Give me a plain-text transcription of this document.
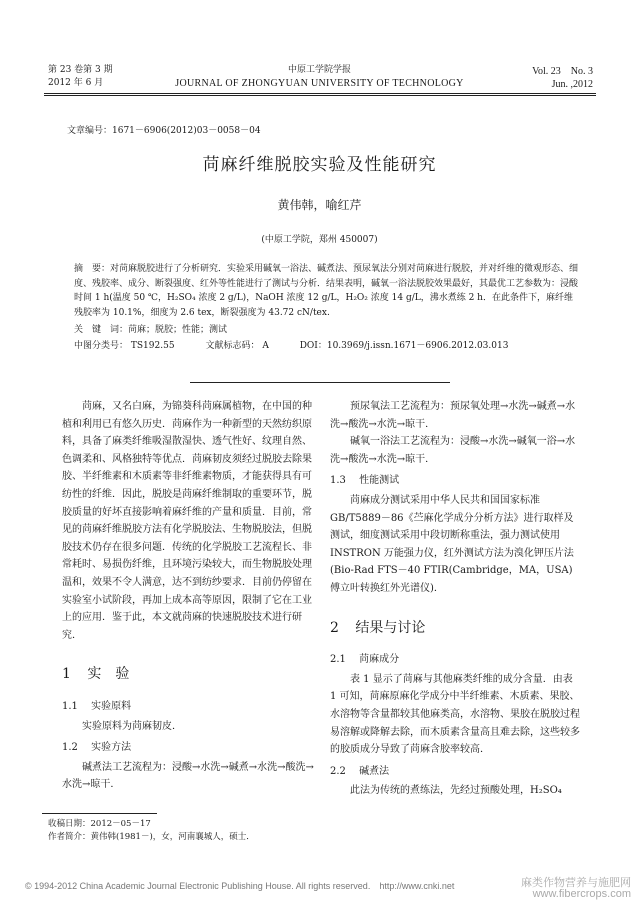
第 23 卷第 3 期
2012 年 6 月
中原工学院学报
JOURNAL OF ZHONGYUAN UNIVERSITY OF TECHNOLOGY
Vol. 23　No. 3
Jun. ,2012
文章编号：1671－6906(2012)03－0058－04
苘麻纤维脱胶实验及性能研究
黄伟韩，喻红芹
(中原工学院，郑州 450007)
摘　要：对苘麻脱胶进行了分析研究．实验采用碱氧一浴法、碱煮法、预尿氧法分别对苘麻进行脱胶，并对纤维的微观形态、细度、残胶率、成分、断裂强度、红外等性能进行了测试与分析．结果表明，碱氧一浴法脱胶效果最好，其最优工艺参数为：浸酸时间 1 h(温度 50 ℃，H₂SO₄ 浓度 2 g/L)，NaOH 浓度 12 g/L，H₂O₂ 浓度 14 g/L，沸水煮练 2 h．在此条件下，麻纤维残胶率为 10.1%，细度为 2.6 tex，断裂强度为 43.72 cN/tex.
关　键　词：苘麻；脱胶；性能；测试
中图分类号： TS192.55	文献标志码： A	DOI：10.3969/j.issn.1671－6906.2012.03.013

苘麻，又名白麻，为锦葵科苘麻属植物，在中国的种植和利用已有悠久历史．苘麻作为一种新型的天然纺织原料，具备了麻类纤维吸湿散湿快、透气性好、纹理自然、色调柔和、风格独特等优点．苘麻韧皮须经过脱胶去除果胶、半纤维素和木质素等非纤维素物质，才能获得具有可纺性的纤维．因此，脱胶是苘麻纤维制取的重要环节，脱胶质量的好坏直接影响着麻纤维的产量和质量．目前，常见的苘麻纤维脱胶方法有化学脱胶法、生物脱胶法，但脱胶技术仍存在很多问题．传统的化学脱胶工艺流程长、非常耗时、易损伤纤维，且环境污染较大，而生物脱胶处理温和，效果不令人满意，达不到纺纱要求．目前仍停留在实验室小试阶段，再加上成本高等原因，限制了它在工业上的应用．鉴于此，本文就苘麻的快速脱胶技术进行研究．

1 实　验
1.1 实验原料

实验原料为苘麻韧皮．

1.2 实验方法

碱煮法工艺流程为：浸酸→水洗→碱煮→水洗→酸洗→水洗→晾干．

预尿氧法工艺流程为：预尿氧处理→水洗→碱煮→水洗→酸洗→水洗→晾干．

碱氧一浴法工艺流程为：浸酸→水洗→碱氧一浴→水洗→酸洗→水洗→晾干．

1.3 性能测试

苘麻成分测试采用中华人民共和国国家标准 GB/T5889－86《苎麻化学成分分析方法》进行取样及测试，细度测试采用中段切断称重法，强力测试使用 INSTRON 万能强力仪，红外测试方法为溴化钾压片法(Bio-Rad FTS－40 FTIR(Cambridge，MA，USA)傅立叶转换红外光谱仪)．

2 结果与讨论
2.1 苘麻成分

表 1 显示了苘麻与其他麻类纤维的成分含量．由表 1 可知，苘麻原麻化学成分中半纤维素、木质素、果胶、水溶物等含量都较其他麻类高，水溶物、果胶在脱胶过程易溶解或降解去除，而木质素含量高且难去除，这些较多的胶质成分导致了苘麻含胶率较高．

2.2 碱煮法

此法为传统的煮练法，先经过预酸处理，H₂SO₄

收稿日期：2012－05－17
作者简介：黄伟韩(1981－)，女，河南襄城人，硕士．
© 1994-2012 China Academic Journal Electronic Publishing House. All rights reserved.　http://www.cnki.net	麻类作物营养与施肥网
www.fibercrops.com
